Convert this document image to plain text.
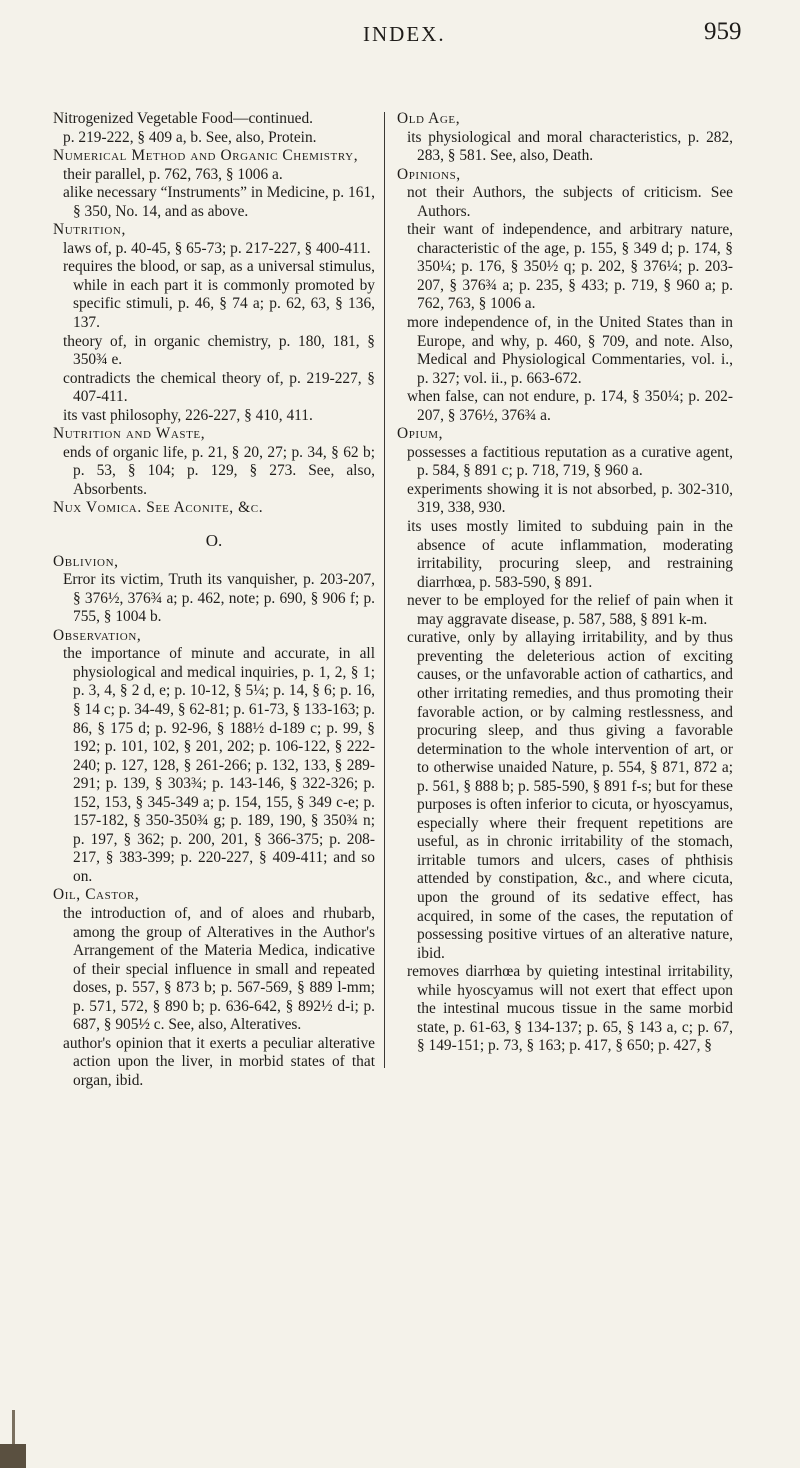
INDEX.	959

Nitrogenized Vegetable Food—continued.

p. 219-222, § 409 a, b. See, also, Protein.

Numerical Method and Organic Chemistry,

their parallel, p. 762, 763, § 1006 a.

alike necessary “Instruments” in Medicine, p. 161, § 350, No. 14, and as above.

Nutrition,

laws of, p. 40-45, § 65-73; p. 217-227, § 400-411.

requires the blood, or sap, as a universal stimulus, while in each part it is commonly promoted by specific stimuli, p. 46, § 74 a; p. 62, 63, § 136, 137.

theory of, in organic chemistry, p. 180, 181, § 350¾ e.

contradicts the chemical theory of, p. 219-227, § 407-411.

its vast philosophy, 226-227, § 410, 411.

Nutrition and Waste,

ends of organic life, p. 21, § 20, 27; p. 34, § 62 b; p. 53, § 104; p. 129, § 273. See, also, Absorbents.

Nux Vomica. See Aconite, &c.

O.

Oblivion,

Error its victim, Truth its vanquisher, p. 203-207, § 376½, 376¾ a; p. 462, note; p. 690, § 906 f; p. 755, § 1004 b.

Observation,

the importance of minute and accurate, in all physiological and medical inquiries, p. 1, 2, § 1; p. 3, 4, § 2 d, e; p. 10-12, § 5¼; p. 14, § 6; p. 16, § 14 c; p. 34-49, § 62-81; p. 61-73, § 133-163; p. 86, § 175 d; p. 92-96, § 188½ d-189 c; p. 99, § 192; p. 101, 102, § 201, 202; p. 106-122, § 222-240; p. 127, 128, § 261-266; p. 132, 133, § 289-291; p. 139, § 303¾; p. 143-146, § 322-326; p. 152, 153, § 345-349 a; p. 154, 155, § 349 c-e; p. 157-182, § 350-350¾ g; p. 189, 190, § 350¾ n; p. 197, § 362; p. 200, 201, § 366-375; p. 208-217, § 383-399; p. 220-227, § 409-411; and so on.

Oil, Castor,

the introduction of, and of aloes and rhubarb, among the group of Alteratives in the Author's Arrangement of the Materia Medica, indicative of their special influence in small and repeated doses, p. 557, § 873 b; p. 567-569, § 889 l-mm; p. 571, 572, § 890 b; p. 636-642, § 892½ d-i; p. 687, § 905½ c. See, also, Alteratives.

author's opinion that it exerts a peculiar alterative action upon the liver, in morbid states of that organ, ibid.

Old Age,

its physiological and moral characteristics, p. 282, 283, § 581. See, also, Death.

Opinions,

not their Authors, the subjects of criticism. See Authors.

their want of independence, and arbitrary nature, characteristic of the age, p. 155, § 349 d; p. 174, § 350¼; p. 176, § 350½ q; p. 202, § 376¼; p. 203-207, § 376¾ a; p. 235, § 433; p. 719, § 960 a; p. 762, 763, § 1006 a.

more independence of, in the United States than in Europe, and why, p. 460, § 709, and note. Also, Medical and Physiological Commentaries, vol. i., p. 327; vol. ii., p. 663-672.

when false, can not endure, p. 174, § 350¼; p. 202-207, § 376½, 376¾ a.

Opium,

possesses a factitious reputation as a curative agent, p. 584, § 891 c; p. 718, 719, § 960 a.

experiments showing it is not absorbed, p. 302-310, 319, 338, 930.

its uses mostly limited to subduing pain in the absence of acute inflammation, moderating irritability, procuring sleep, and restraining diarrhœa, p. 583-590, § 891.

never to be employed for the relief of pain when it may aggravate disease, p. 587, 588, § 891 k-m.

curative, only by allaying irritability, and by thus preventing the deleterious action of exciting causes, or the unfavorable action of cathartics, and other irritating remedies, and thus promoting their favorable action, or by calming restlessness, and procuring sleep, and thus giving a favorable determination to the whole intervention of art, or to otherwise unaided Nature, p. 554, § 871, 872 a; p. 561, § 888 b; p. 585-590, § 891 f-s; but for these purposes is often inferior to cicuta, or hyoscyamus, especially where their frequent repetitions are useful, as in chronic irritability of the stomach, irritable tumors and ulcers, cases of phthisis attended by constipation, &c., and where cicuta, upon the ground of its sedative effect, has acquired, in some of the cases, the reputation of possessing positive virtues of an alterative nature, ibid.

removes diarrhœa by quieting intestinal irritability, while hyoscyamus will not exert that effect upon the intestinal mucous tissue in the same morbid state, p. 61-63, § 134-137; p. 65, § 143 a, c; p. 67, § 149-151; p. 73, § 163; p. 417, § 650; p. 427, §
